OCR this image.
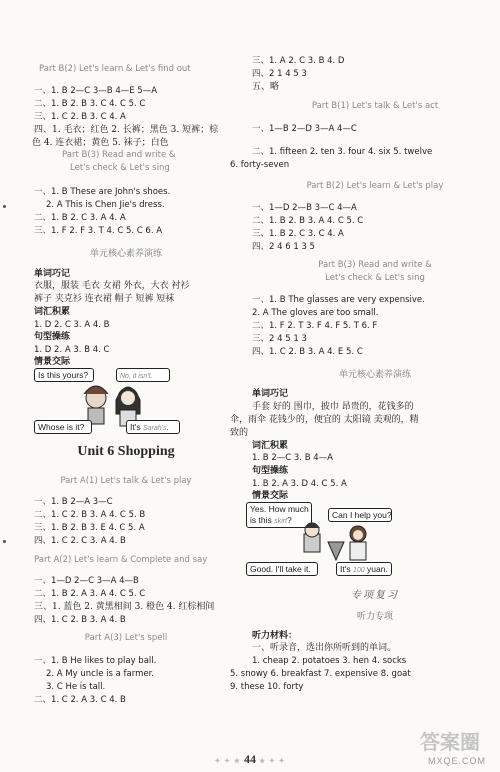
Part B(2) Let's learn & Let's find out
一、1. B 2—C 3—B 4—E 5—A
二、1. B 2. B 3. C 4. C 5. C
三、1. C 2. B 3. C 4. A
四、1. 毛衣；红色 2. 长裤；黑色 3. 短裤；棕
色 4. 连衣裙；黄色 5. 袜子；白色
Part B(3) Read and write &
Let's check & Let's sing
一、1. B These are John's shoes.
2. A This is Chen Jie's dress.
二、1. B 2. C 3. A 4. A
三、1. F 2. F 3. T 4. C 5. C 6. A
单元核心素养演练
单词巧记
衣服，服装 毛衣 女裙 外衣，大衣 衬衫
裤子 夹克衫 连衣裙 帽子 短裤 短袜
词汇积累
1. D 2. C 3. A 4. B
句型操练
1. D 2. A 3. B 4. C
情景交际
Is this yours?	No, it isn't.
Whose is it?	It's Sarah's.
Unit 6 Shopping
Part A(1) Let's talk & Let's play
一、1. B 2—A 3—C
二、1. C 2. B 3. A 4. C 5. B
三、1. B 2. B 3. E 4. C 5. A
四、1. C 2. C 3. A 4. B
Part A(2) Let's learn & Complete and say
一、1—D 2—C 3—A 4—B
二、1. B 2. A 3. A 4. C 5. C
三、1. 蓝色 2. 黄黑相间 3. 橙色 4. 红棕相间
四、1. C 2. B 3. A 4. B
Part A(3) Let's spell
一、1. B He likes to play ball.
2. A My uncle is a farmer.
3. C He is tall.
二、1. C 2. A 3. C 4. B
三、1. A 2. C 3. B 4. D
四、2 1 4 5 3
五、略
Part B(1) Let's talk & Let's act
一、1—B 2—D 3—A 4—C
二、1. fifteen 2. ten 3. four 4. six 5. twelve
6. forty-seven
Part B(2) Let's learn & Let's play
一、1—D 2—B 3—C 4—A
二、1. B 2. B 3. A 4. C 5. C
三、1. B 2. C 3. C 4. A
四、2 4 6 1 3 5
Part B(3) Read and write &
Let's check & Let's sing
一、1. B The glasses are very expensive.
2. A The gloves are too small.
二、1. F 2. T 3. F 4. F 5. T 6. F
三、2 4 5 1 3
四、1. C 2. B 3. A 4. E 5. C
单元核心素养演练
单词巧记
手套 好的 围巾，披巾 昂贵的，花钱多的
伞，雨伞 花钱少的，便宜的 太阳镜 美观的，精
致的
词汇积累
1. B 2—C 3. B 4—A
句型操练
1. B 2. A 3. D 4. C 5. A
情景交际
Yes. How much
is this skirt?	Can I help you?
Good. I'll take it.	It's 100 yuan.
专项复习
听力专项
听力材料：
一、听录音，选出你所听到的单词。
1. cheap 2. potatoes 3. hen 4. socks
5. snowy 6. breakfast 7. expensive 8. goat
9. these 10. forty
✦ ✦ ★ 44 ★ ✦ ✦
答案圈
MXQE.COM
